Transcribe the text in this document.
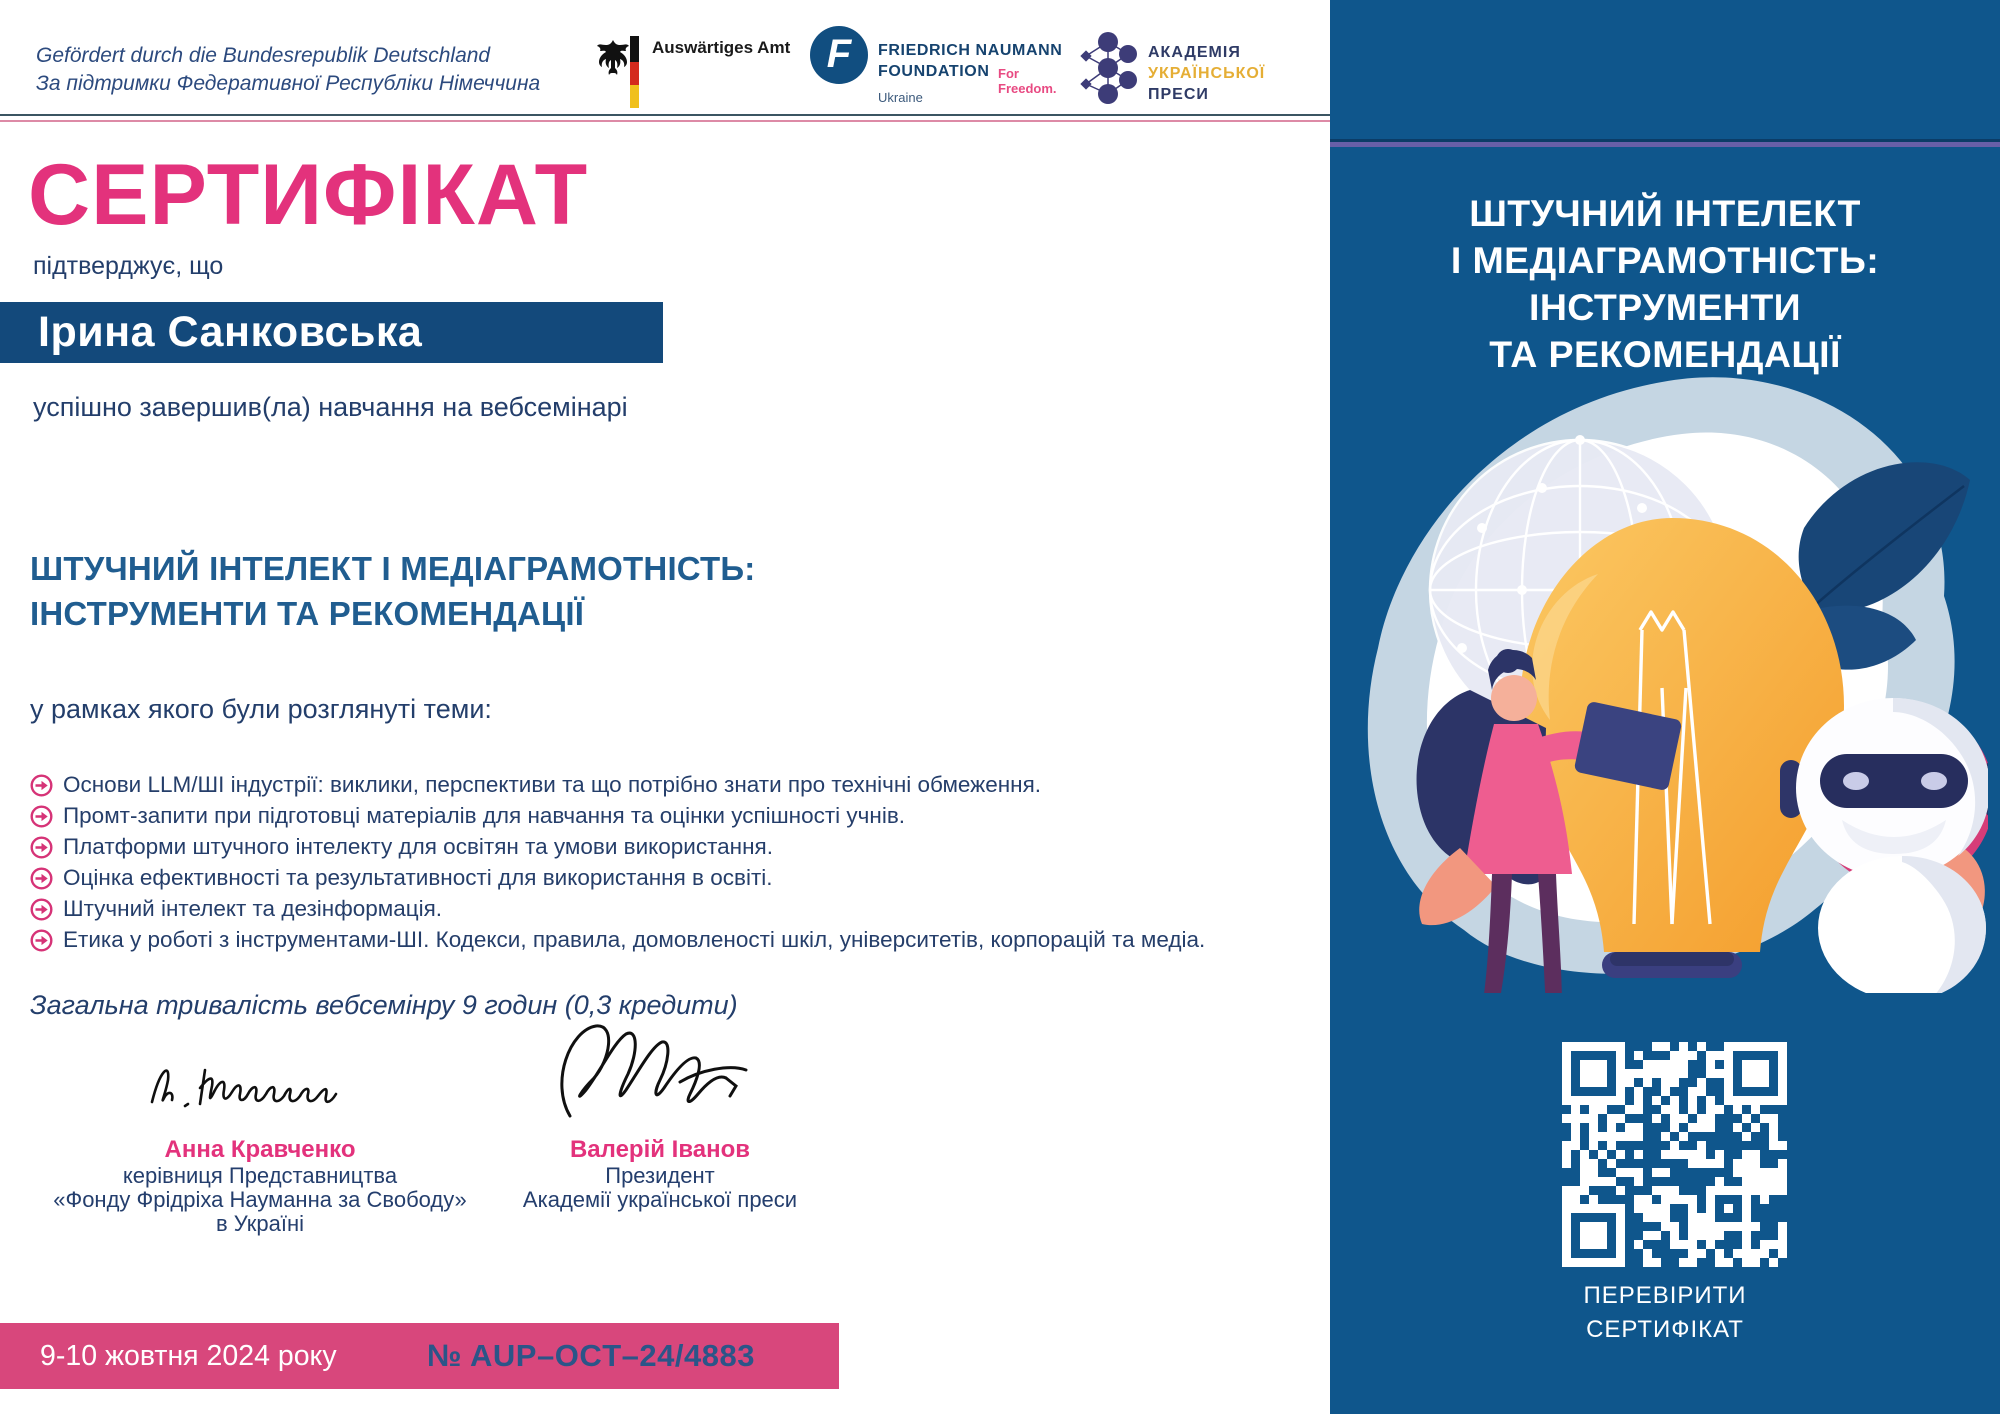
Gefördert durch die Bundesrepublik Deutschland
За підтримки Федеративної Республіки Німеччина
Auswärtiges Amt F	FRIEDRICH NAUMANN
FOUNDATION For Freedom.
Ukraine
АКАДЕМІЯ
УКРАЇНСЬКОЇ
ПРЕСИ
СЕРТИФІКАТ
підтверджує, що
Ірина Санковська
успішно завершив(ла) навчання на вебсемінарі
ШТУЧНИЙ ІНТЕЛЕКТ І МЕДІАГРАМОТНІСТЬ:
ІНСТРУМЕНТИ ТА РЕКОМЕНДАЦІЇ
у рамках якого були розглянуті теми:
Основи LLM/ШІ індустрії: виклики, перспективи та що потрібно знати про технічні обмеження.
Промт-запити при підготовці матеріалів для навчання та оцінки успішності учнів.
Платформи штучного інтелекту для освітян та умови використання.
Оцінка ефективності та результативності для використання в освіті.
Штучний інтелект та дезінформація.
Етика у роботі з інструментами-ШІ. Кодекси, правила, домовленості шкіл, університетів, корпорацій та медіа.
Загальна тривалість вебсемінру 9 годин (0,3 кредити)
Анна Кравченко
керівниця Представництва
«Фонду Фрідріха Науманна за Свободу»
в Україні
Валерій Іванов
Президент
Академії української преси
9-10 жовтня 2024 року	№ AUP–OCT–24/4883
ШТУЧНИЙ ІНТЕЛЕКТ
І МЕДІАГРАМОТНІСТЬ:
ІНСТРУМЕНТИ
ТА РЕКОМЕНДАЦІЇ
ПЕРЕВІРИТИ
СЕРТИФІКАТ
